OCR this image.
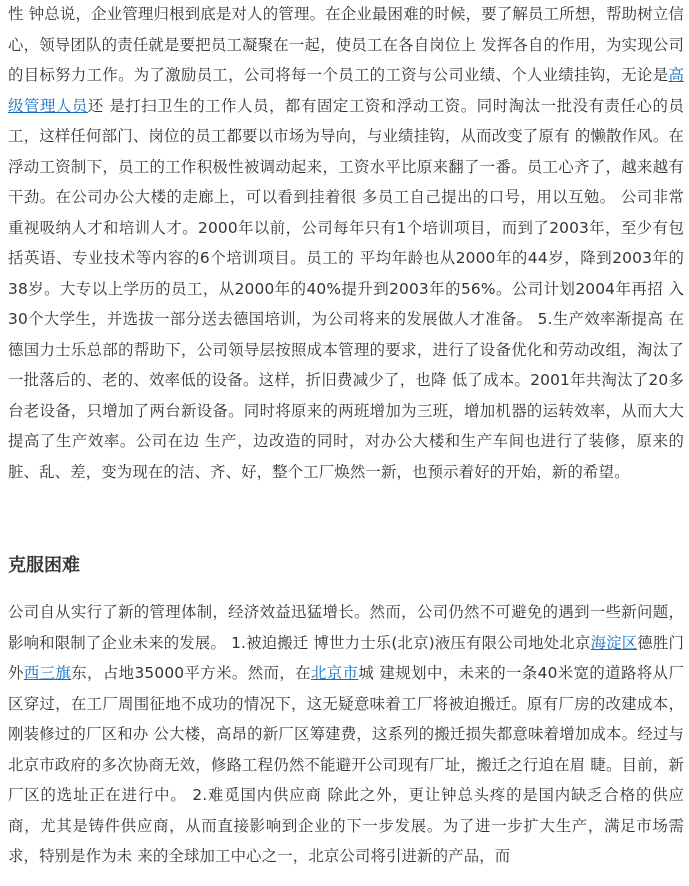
性 钟总说，企业管理归根到底是对人的管理。在企业最困难的时候，要了解员工所想，帮助树立信心，领导团队的责任就是要把员工凝聚在一起，使员工在各自岗位上 发挥各自的作用，为实现公司的目标努力工作。为了激励员工，公司将每一个员工的工资与公司业绩、个人业绩挂钩，无论是高级管理人员还 是打扫卫生的工作人员，都有固定工资和浮动工资。同时淘汰一批没有责任心的员工，这样任何部门、岗位的员工都要以市场为导向，与业绩挂钩，从而改变了原有 的懒散作风。在浮动工资制下，员工的工作积极性被调动起来，工资水平比原来翻了一番。员工心齐了，越来越有干劲。在公司办公大楼的走廊上，可以看到挂着很 多员工自己提出的口号，用以互勉。 公司非常重视吸纳人才和培训人才。2000年以前，公司每年只有1个培训项目，而到了2003年，至少有包括英语、专业技术等内容的6个培训项目。员工的 平均年龄也从2000年的44岁，降到2003年的38岁。大专以上学历的员工，从2000年的40%提升到2003年的56%。公司计划2004年再招 入30个大学生，并选拔一部分送去德国培训，为公司将来的发展做人才准备。 5.生产效率渐提高 在德国力士乐总部的帮助下，公司领导层按照成本管理的要求，进行了设备优化和劳动改组，淘汰了一批落后的、老的、效率低的设备。这样，折旧费减少了，也降 低了成本。2001年共淘汰了20多台老设备，只增加了两台新设备。同时将原来的两班增加为三班，增加机器的运转效率，从而大大提高了生产效率。公司在边 生产，边改造的同时，对办公大楼和生产车间也进行了装修，原来的脏、乱、差，变为现在的洁、齐、好，整个工厂焕然一新，也预示着好的开始，新的希望。

克服困难

公司自从实行了新的管理体制，经济效益迅猛增长。然而，公司仍然不可避免的遇到一些新问题，影响和限制了企业未来的发展。 1.被迫搬迁 博世力士乐(北京)液压有限公司地处北京海淀区德胜门外西三旗东，占地35000平方米。然而，在北京市城 建规划中，未来的一条40米宽的道路将从厂区穿过，在工厂周围征地不成功的情况下，这无疑意味着工厂将被迫搬迁。原有厂房的改建成本，刚装修过的厂区和办 公大楼，高昂的新厂区筹建费，这系列的搬迁损失都意味着增加成本。经过与北京市政府的多次协商无效，修路工程仍然不能避开公司现有厂址，搬迁之行迫在眉 睫。目前，新厂区的选址正在进行中。 2.难觅国内供应商 除此之外，更让钟总头疼的是国内缺乏合格的供应商，尤其是铸件供应商，从而直接影响到企业的下一步发展。为了进一步扩大生产，满足市场需求，特别是作为未 来的全球加工中心之一，北京公司将引进新的产品，而
